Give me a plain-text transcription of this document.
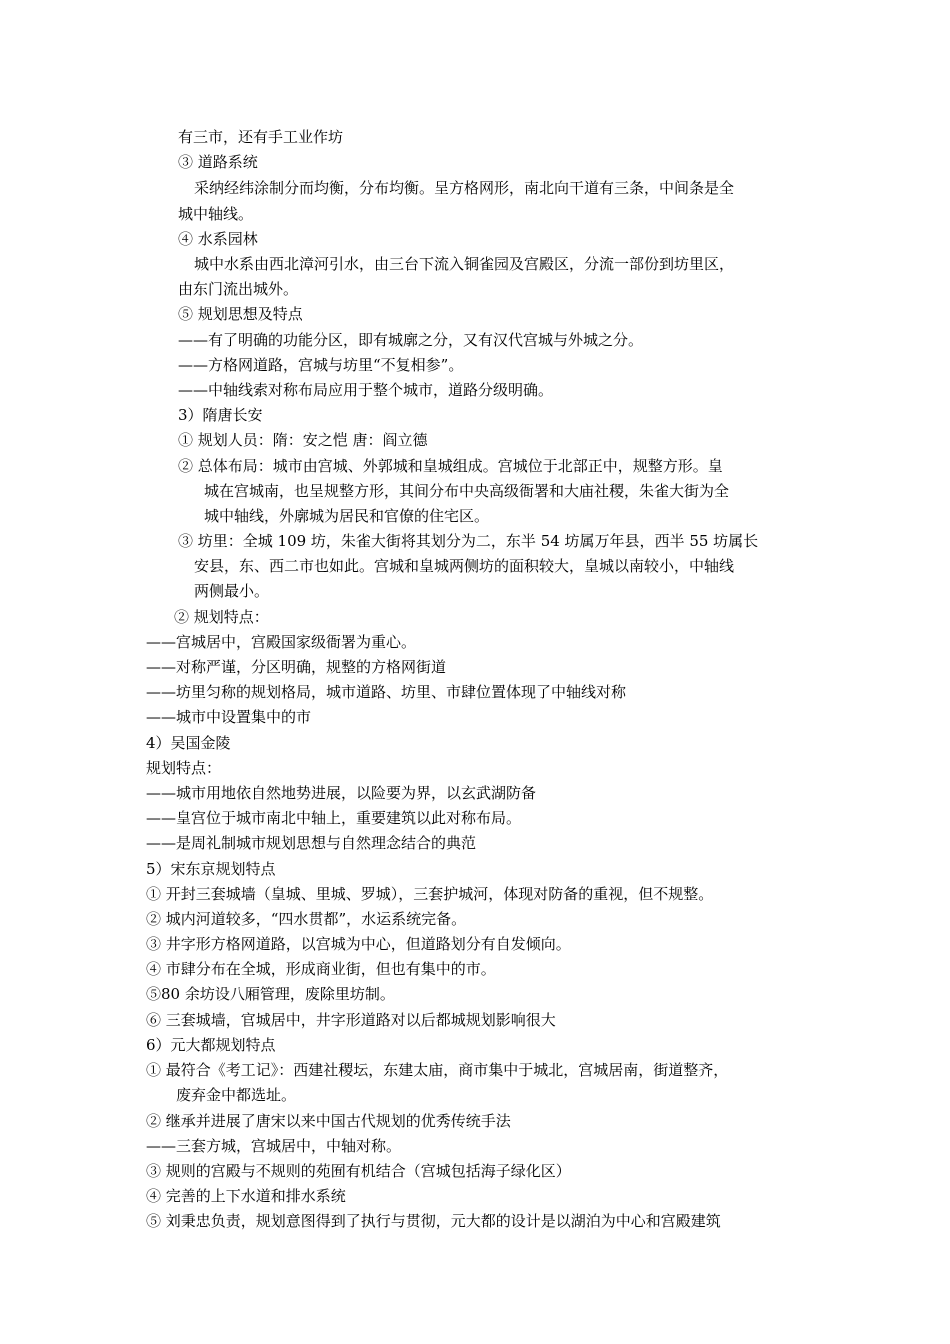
有三市，还有手工业作坊
③ 道路系统
采纳经纬涂制分而均衡，分布均衡。呈方格网形，南北向干道有三条，中间条是全
城中轴线。
④ 水系园林
城中水系由西北漳河引水，由三台下流入铜雀园及宫殿区，分流一部份到坊里区，
由东门流出城外。
⑤ 规划思想及特点
——有了明确的功能分区，即有城廓之分，又有汉代宫城与外城之分。
——方格网道路，宫城与坊里“不复相参”。
——中轴线索对称布局应用于整个城市，道路分级明确。
3）隋唐长安
① 规划人员：隋：安之恺 唐：阎立德
② 总体布局：城市由宫城、外郭城和皇城组成。宫城位于北部正中，规整方形。皇
城在宫城南，也呈规整方形，其间分布中央高级衙署和大庙社稷，朱雀大街为全
城中轴线，外廓城为居民和官僚的住宅区。
③ 坊里：全城 109 坊，朱雀大街将其划分为二，东半 54 坊属万年县，西半 55 坊属长
安县，东、西二市也如此。宫城和皇城两侧坊的面积较大，皇城以南较小，中轴线
两侧最小。
② 规划特点：
——宫城居中，宫殿国家级衙署为重心。
——对称严谨，分区明确，规整的方格网街道
——坊里匀称的规划格局，城市道路、坊里、市肆位置体现了中轴线对称
——城市中设置集中的市
4）吴国金陵
规划特点：
——城市用地依自然地势进展，以险要为界，以玄武湖防备
——皇宫位于城市南北中轴上，重要建筑以此对称布局。
——是周礼制城市规划思想与自然理念结合的典范
5）宋东京规划特点
① 开封三套城墙（皇城、里城、罗城），三套护城河，体现对防备的重视，但不规整。
② 城内河道较多，“四水贯都”，水运系统完备。
③ 井字形方格网道路，以宫城为中心，但道路划分有自发倾向。
④ 市肆分布在全城，形成商业街，但也有集中的市。
⑤80 余坊设八厢管理，废除里坊制。
⑥ 三套城墙，官城居中，井字形道路对以后都城规划影响很大
6）元大都规划特点
① 最符合《考工记》：西建社稷坛，东建太庙，商市集中于城北，宫城居南，街道整齐，
废弃金中都选址。
② 继承并进展了唐宋以来中国古代规划的优秀传统手法
——三套方城，宫城居中，中轴对称。
③ 规则的宫殿与不规则的苑囿有机结合（宫城包括海子绿化区）
④ 完善的上下水道和排水系统
⑤ 刘秉忠负责，规划意图得到了执行与贯彻，元大都的设计是以湖泊为中心和宫殿建筑
